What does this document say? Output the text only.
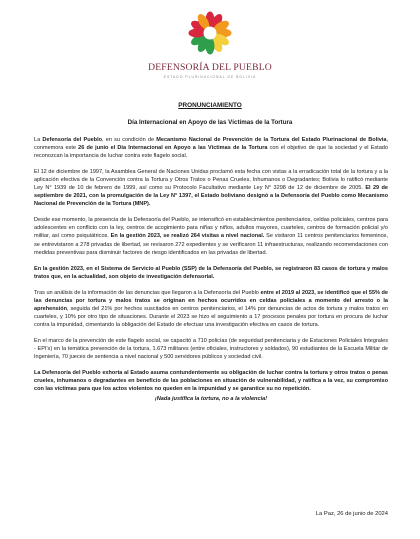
DEFENSORÍA DEL PUEBLO
ESTADO PLURINACIONAL DE BOLIVIA
PRONUNCIAMIENTO
Día Internacional en Apoyo de las Víctimas de la Tortura

La Defensoría del Pueblo, en su condición de Mecanismo Nacional de Prevención de la Tortura del Estado Plurinacional de Bolivia, conmemora este 26 de junio el Día Internacional en Apoyo a las Víctimas de la Tortura con el objetivo de que la sociedad y el Estado reconozcan la importancia de luchar contra este flagelo social.

El 12 de diciembre de 1997, la Asamblea General de Naciones Unidas proclamó esta fecha con vistas a la erradicación total de la tortura y a la aplicación efectiva de la Convención contra la Tortura y Otros Tratos o Penas Crueles, Inhumanos o Degradantes; Bolivia lo ratificó mediante Ley N° 1939 de 10 de febrero de 1999, así como su Protocolo Facultativo mediante Ley N° 3298 de 12 de diciembre de 2005. El 29 de septiembre de 2021, con la promulgación de la Ley N° 1397, el Estado boliviano designó a la Defensoría del Pueblo como Mecanismo Nacional de Prevención de la Tortura (MNP).

Desde ese momento, la presencia de la Defensoría del Pueblo, se intensificó en establecimientos penitenciarios, celdas policiales, centros para adolescentes en conflicto con la ley, centros de acogimiento para niñas y niños, adultos mayores, cuarteles, centros de formación policial y/o militar, así como psiquiátricos. En la gestión 2023, se realizó 264 visitas a nivel nacional. Se visitaron 11 centros penitenciarios femeninos, se entrevistaron a 278 privadas de libertad, se revisaron 272 expedientes y se verificaron 11 infraestructuras, realizando recomendaciones con medidas preventivas para disminuir factores de riesgo identificados en las privadas de libertad.

En la gestión 2023, en el Sistema de Servicio al Pueblo (SSP) de la Defensoría del Pueblo, se registraron 83 casos de tortura y malos tratos que, en la actualidad, son objeto de investigación defensorial.

Tras un análisis de la información de las denuncias que llegaron a la Defensoría del Pueblo entre el 2019 al 2023, se identificó que el 55% de las denuncias por tortura y malos tratos se originan en hechos ocurridos en celdas policiales a momento del arresto o la aprehensión, seguida del 21% por hechos suscitados en centros penitenciarios, el 14% por denuncias de actos de tortura y malos tratos en cuarteles, y 10% por otro tipo de situaciones. Durante el 2023 se hizo el seguimiento a 17 procesos penales por tortura en procura de luchar contra la impunidad, cimentando la obligación del Estado de efectuar una investigación efectiva en casos de tortura.

En el marco de la prevención de este flagelo social, se capacitó a 710 policías (de seguridad penitenciaria y de Estaciones Policiales Integrales - EPI's) en la temática prevención de la tortura, 1.673 militares (entre oficiales, instructores y soldados), 90 estudiantes de la Escuela Militar de Ingeniería, 70 jueces de sentencia a nivel nacional y 500 servidores públicos y sociedad civil.

La Defensoría del Pueblo exhorta al Estado asuma contundentemente su obligación de luchar contra la tortura y otros tratos o penas crueles, inhumanos o degradantes en beneficio de las poblaciones en situación de vulnerabilidad, y ratifica a la vez, su compromiso con las víctimas para que los actos violentos no queden en la impunidad y se garantice su no repetición.

¡Nada justifica la tortura, no a la violencia!

La Paz, 26 de junio de 2024
